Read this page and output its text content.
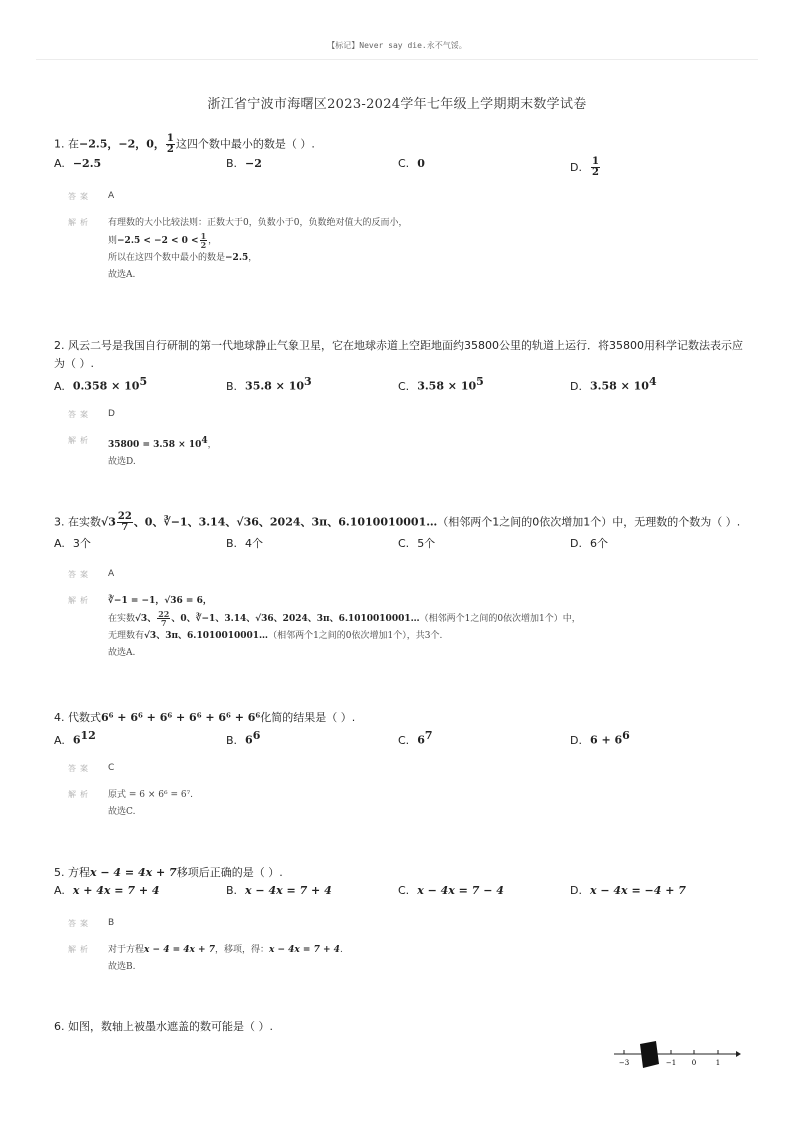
【标记】Never say die.永不气馁。
浙江省宁波市海曙区2023-2024学年七年级上学期期末数学试卷
1. 在−2.5，−2，0， $\frac{1}{2}$ 这四个数中最小的数是（ ）.
A. −2.5	B. −2	C. 0	D. $\frac{1}{2}$
答案 A
解析 有理数的大小比较法则：正数大于0，负数小于0，负数绝对值大的反而小，
则$-2.5 < -2 < 0 < \frac{1}{2}$ ，
所以在这四个数中最小的数是−2.5，
故选A.
2. 风云二号是我国自行研制的第一代地球静止气象卫星，它在地球赤道上空距地面约35800公里的轨道上运行．将35800用科学记数法表示应为（ ）.
A. $0.358 \times 10^5$	B. $35.8 \times 10^3$	C. $3.58 \times 10^5$	D. $3.58 \times 10^4$
答案 D
解析 $35800 = 3.58 \times 10^4$，
故选D.
3. 在实数$√3 \frac{22}{7}$ 、0、∛−1、3.14、√36、2024、3π、6.1010010001…（相邻两个1之间的0依次增加1个）中，无理数的个数为（ ）.
A. 3个	B. 4个	C. 5个	D. 6个
答案 A
解析 ∛−1 = −1，√36 = 6，
在实数√3、 $\frac{22}{7}$ 、0、∛−1、3.14、√36、2024、3π、6.1010010001…（相邻两个1之间的0依次增加1个）中，
无理数有√3、3π、6.1010010001…（相邻两个1之间的0依次增加1个），共3个.
故选A.
4. 代数式6⁶ + 6⁶ + 6⁶ + 6⁶ + 6⁶ + 6⁶化简的结果是（ ）.
A. $6^{12}$	B. $6^6$	C. $6^7$	D. $6 + 6^6$
答案 C
解析 原式 = 6 × 6⁶ = 6⁷.
故选C.
5. 方程x − 4 = 4x + 7移项后正确的是（ ）.
A. x + 4x = 7 + 4	B. x − 4x = 7 + 4	C. x − 4x = 7 − 4	D. x − 4x = −4 + 7
答案 B
解析 对于方程x − 4 = 4x + 7，移项，得：x − 4x = 7 + 4.
故选B.
6. 如图，数轴上被墨水遮盖的数可能是（ ）.
−3	−1 0	1
